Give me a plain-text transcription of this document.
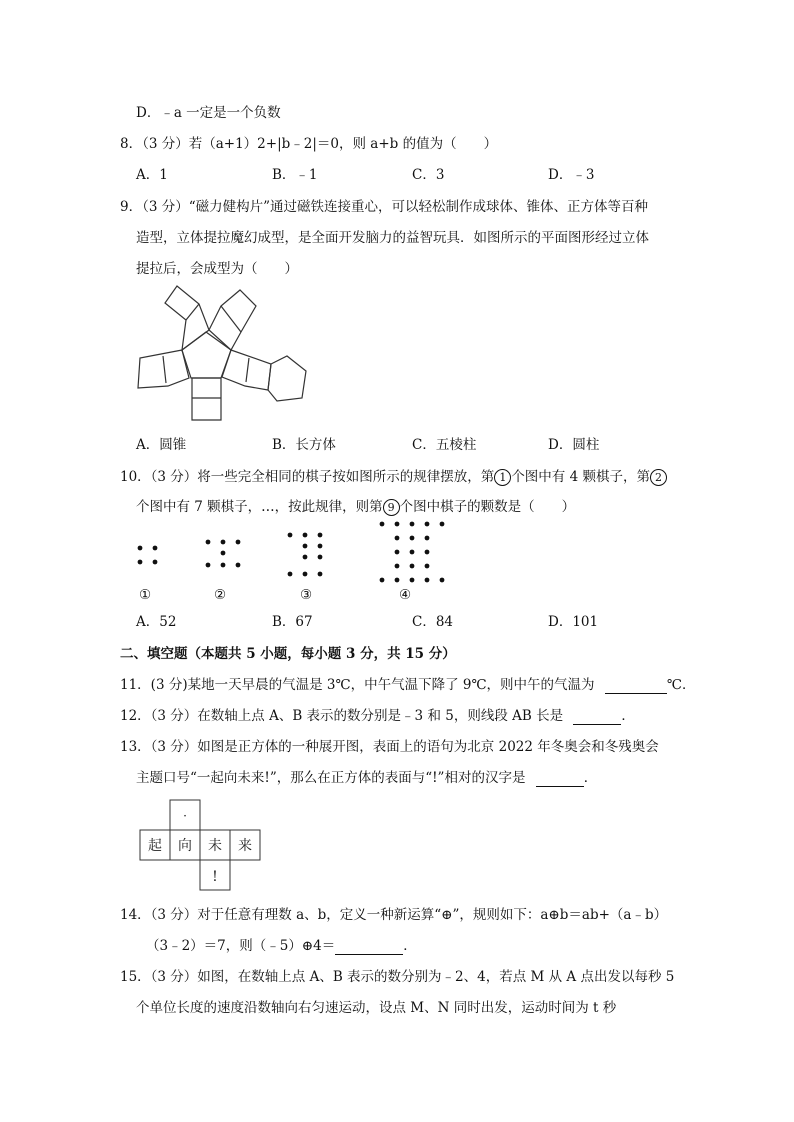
D．﹣a 一定是一个负数
8．（3 分）若（a+1）2+|b﹣2|＝0，则 a+b 的值为（　　）
A．1	B．﹣1	C．3	D．﹣3
9．（3 分）“磁力健构片”通过磁铁连接重心，可以轻松制作成球体、锥体、正方体等百种
造型，立体提拉魔幻成型，是全面开发脑力的益智玩具．如图所示的平面图形经过立体
提拉后，会成型为（　　）
A．圆锥	B．长方体	C．五棱柱	D．圆柱
10．（3 分）将一些完全相同的棋子按如图所示的规律摆放，第 1 个图中有 4 颗棋子，第 2
个图中有 7 颗棋子，…，按此规律，则第 9 个图中棋子的颗数是（　　）
①	②	③	④
A．52	B．67	C．84	D．101
二、填空题（本题共 5 小题，每小题 3 分，共 15 分）
11．(3 分)某地一天早晨的气温是 3℃，中午气温下降了 9℃，则中午的气温为	℃．
12．（3 分）在数轴上点 A、B 表示的数分别是﹣3 和 5，则线段 AB 长是	．
13．（3 分）如图是正方体的一种展开图，表面上的语句为北京 2022 年冬奥会和冬残奥会
主题口号“一起向未来!”，那么在正方体的表面与“!”相对的汉字是	．
·
起 向 未 来
!
14．（3 分）对于任意有理数 a、b，定义一种新运算“⊕”，规则如下：a⊕b＝ab+（a﹣b）
（3﹣2）＝7，则（﹣5）⊕4＝	．
15．（3 分）如图，在数轴上点 A、B 表示的数分别为﹣2、4，若点 M 从 A 点出发以每秒 5
个单位长度的速度沿数轴向右匀速运动，设点 M、N 同时出发，运动时间为 t 秒
